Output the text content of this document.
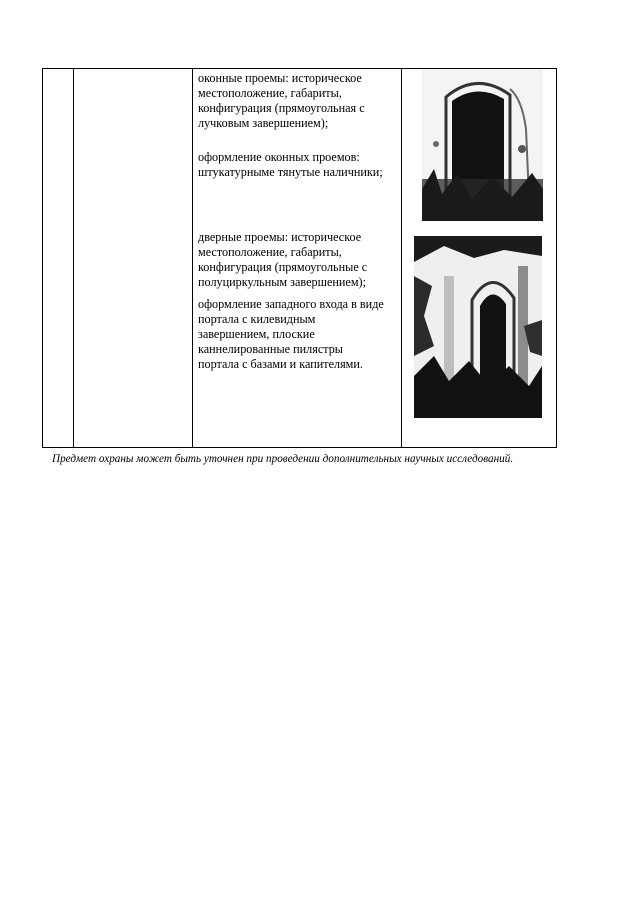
оконные проемы: историческое
местоположение, габариты,
конфигурация (прямоугольная с
лучковым завершением);
оформление оконных проемов:
штукатурныме тянутые наличники;
дверные проемы: историческое
местоположение, габариты,
конфигурация (прямоугольные с
полуциркульным завершением);
оформление западного входа в виде
портала с килевидным
завершением, плоские
каннелированные пилястры
портала с базами и капителями.
Предмет охраны может быть уточнен при проведении дополнительных научных исследований.
